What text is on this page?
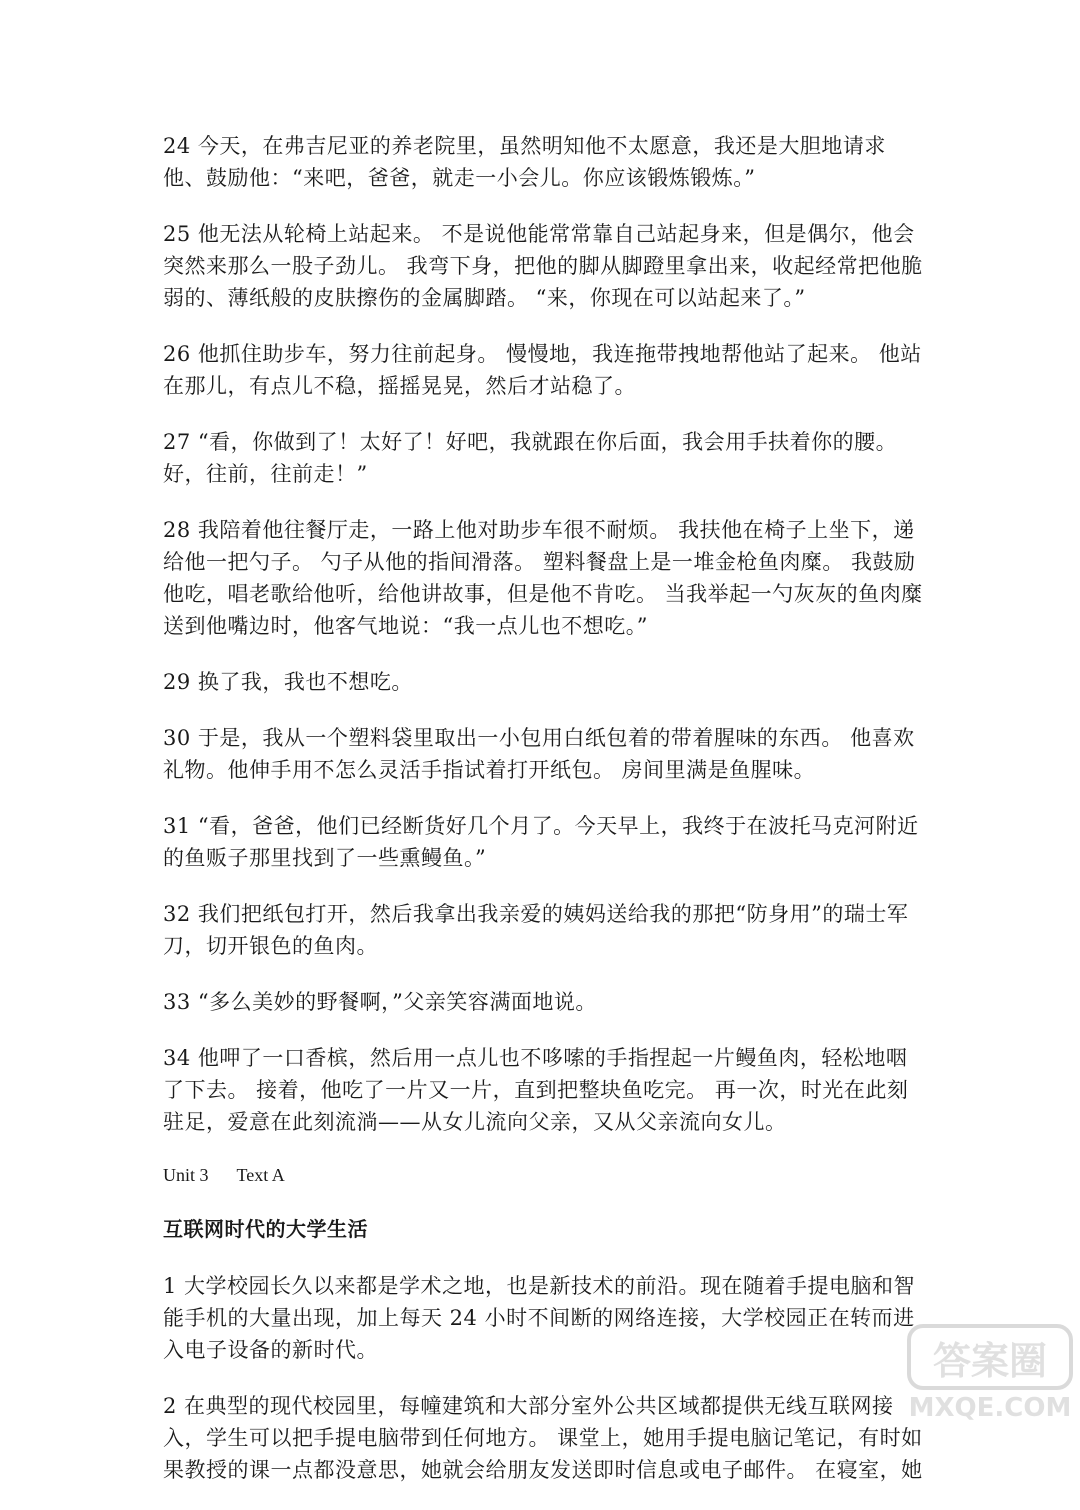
24 今天，在弗吉尼亚的养老院里，虽然明知他不太愿意，我还是大胆地请求他、鼓励他：“来吧，爸爸，就走一小会儿。你应该锻炼锻炼。”

25 他无法从轮椅上站起来。 不是说他能常常靠自己站起身来，但是偶尔，他会突然来那么一股子劲儿。 我弯下身，把他的脚从脚蹬里拿出来，收起经常把他脆弱的、薄纸般的皮肤擦伤的金属脚踏。 “来，你现在可以站起来了。”

26 他抓住助步车，努力往前起身。 慢慢地，我连拖带拽地帮他站了起来。 他站在那儿，有点儿不稳，摇摇晃晃，然后才站稳了。

27 “看，你做到了！太好了！好吧，我就跟在你后面，我会用手扶着你的腰。好，往前，往前走！”

28 我陪着他往餐厅走，一路上他对助步车很不耐烦。 我扶他在椅子上坐下，递给他一把勺子。 勺子从他的指间滑落。 塑料餐盘上是一堆金枪鱼肉糜。 我鼓励他吃，唱老歌给他听，给他讲故事，但是他不肯吃。 当我举起一勺灰灰的鱼肉糜送到他嘴边时，他客气地说：“我一点儿也不想吃。”

29 换了我，我也不想吃。

30 于是，我从一个塑料袋里取出一小包用白纸包着的带着腥味的东西。 他喜欢礼物。他伸手用不怎么灵活手指试着打开纸包。 房间里满是鱼腥味。

31 “看，爸爸，他们已经断货好几个月了。今天早上，我终于在波托马克河附近的鱼贩子那里找到了一些熏鳗鱼。”

32 我们把纸包打开，然后我拿出我亲爱的姨妈送给我的那把“防身用”的瑞士军刀，切开银色的鱼肉。

33 “多么美妙的野餐啊，”父亲笑容满面地说。

34 他呷了一口香槟，然后用一点儿也不哆嗦的手指捏起一片鳗鱼肉，轻松地咽了下去。 接着，他吃了一片又一片，直到把整块鱼吃完。 再一次，时光在此刻驻足，爱意在此刻流淌——从女儿流向父亲，又从父亲流向女儿。

Unit 3 Text A
互联网时代的大学生活

1 大学校园长久以来都是学术之地，也是新技术的前沿。现在随着手提电脑和智能手机的大量出现，加上每天 24 小时不间断的网络连接，大学校园正在转而进入电子设备的新时代。

2 在典型的现代校园里，每幢建筑和大部分室外公共区域都提供无线互联网接入，学生可以把手提电脑带到任何地方。 课堂上，她用手提电脑记笔记，有时如果教授的课一点都没意思，她就会给朋友发送即时信息或电子邮件。 在寝室，她

答案圈
MXQE.COM
